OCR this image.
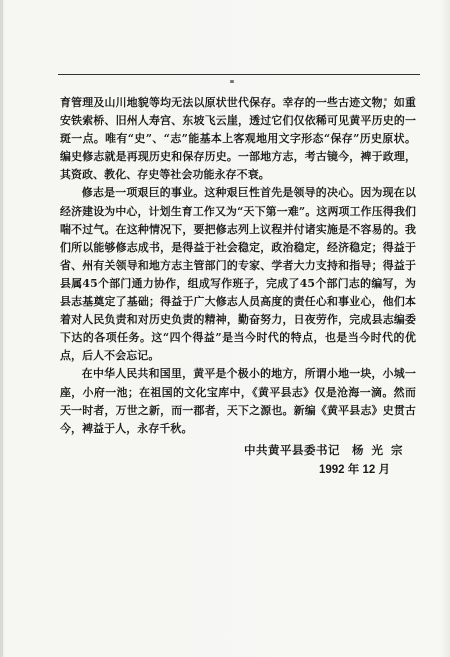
育管理及山川地貌等均无法以原状世代保存。幸存的一些古迹文物，如重安铁索桥、旧州人寿宫、东坡飞云崖，透过它们仅依稀可见黄平历史的一斑一点。唯有“史”、“志”能基本上客观地用文字形态“保存”历史原状。编史修志就是再现历史和保存历史。一部地方志，考古镜今，裨于政理，其资政、教化、存史等社会功能永存不衰。

修志是一项艰巨的事业。这种艰巨性首先是领导的决心。因为现在以经济建设为中心，计划生育工作又为“天下第一难”。这两项工作压得我们喘不过气。在这种情况下，要把修志列上议程并付诸实施是不容易的。我们所以能够修志成书，是得益于社会稳定，政治稳定，经济稳定；得益于省、州有关领导和地方志主管部门的专家、学者大力支持和指导；得益于县属45个部门通力协作，组成写作班子，完成了45个部门志的编写，为县志基奠定了基础；得益于广大修志人员高度的责任心和事业心，他们本着对人民负责和对历史负责的精神，勤奋努力，日夜劳作，完成县志编委下达的各项任务。这“四个得益”是当今时代的特点，也是当今时代的优点，后人不会忘记。

在中华人民共和国里，黄平是个极小的地方，所谓小地一块，小城一座，小府一池；在祖国的文化宝库中，《黄平县志》仅是沧海一滴。然而天一时者，万世之新，而一郡者，天下之源也。新编《黄平县志》史贯古今，裨益于人，永存千秋。

中共黄平县委书记 杨 光 宗
1992 年 12 月
